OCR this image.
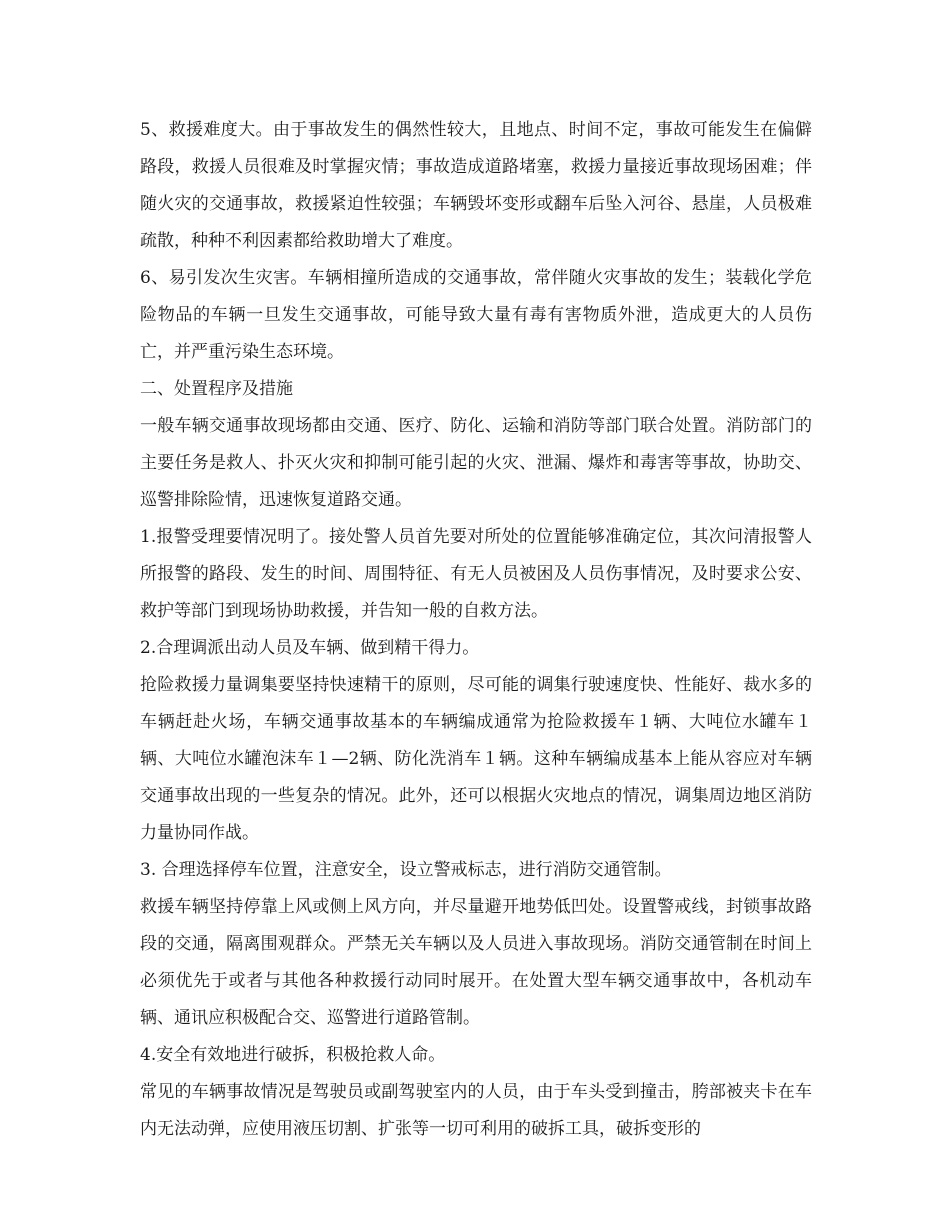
5、救援难度大。由于事故发生的偶然性较大，且地点、时间不定，事故可能发生在偏僻路段，救援人员很难及时掌握灾情；事故造成道路堵塞，救援力量接近事故现场困难；伴随火灾的交通事故，救援紧迫性较强；车辆毁坏变形或翻车后坠入河谷、悬崖，人员极难疏散，种种不利因素都给救助增大了难度。

6、易引发次生灾害。车辆相撞所造成的交通事故，常伴随火灾事故的发生；装载化学危险物品的车辆一旦发生交通事故，可能导致大量有毒有害物质外泄，造成更大的人员伤亡，并严重污染生态环境。

二、处置程序及措施

一般车辆交通事故现场都由交通、医疗、防化、运输和消防等部门联合处置。消防部门的主要任务是救人、扑灭火灾和抑制可能引起的火灾、泄漏、爆炸和毒害等事故，协助交、巡警排除险情，迅速恢复道路交通。

1.报警受理要情况明了。接处警人员首先要对所处的位置能够准确定位，其次问清报警人所报警的路段、发生的时间、周围特征、有无人员被困及人员伤事情况，及时要求公安、救护等部门到现场协助救援，并告知一般的自救方法。

2.合理调派出动人员及车辆、做到精干得力。

抢险救援力量调集要坚持快速精干的原则，尽可能的调集行驶速度快、性能好、裁水多的车辆赶赴火场，车辆交通事故基本的车辆编成通常为抢险救援车１辆、大吨位水罐车１辆、大吨位水罐泡沫车１—2辆、防化洗消车１辆。这种车辆编成基本上能从容应对车辆交通事故出现的一些复杂的情况。此外，还可以根据火灾地点的情况，调集周边地区消防力量协同作战。

3. 合理选择停车位置，注意安全，设立警戒标志，进行消防交通管制。

救援车辆坚持停靠上风或侧上风方向，并尽量避开地势低凹处。设置警戒线，封锁事故路段的交通，隔离围观群众。严禁无关车辆以及人员进入事故现场。消防交通管制在时间上必须优先于或者与其他各种救援行动同时展开。在处置大型车辆交通事故中，各机动车辆、通讯应积极配合交、巡警进行道路管制。

4.安全有效地进行破拆，积极抢救人命。

常见的车辆事故情况是驾驶员或副驾驶室内的人员，由于车头受到撞击，胯部被夹卡在车内无法动弹，应使用液压切割、扩张等一切可利用的破拆工具，破拆变形的
